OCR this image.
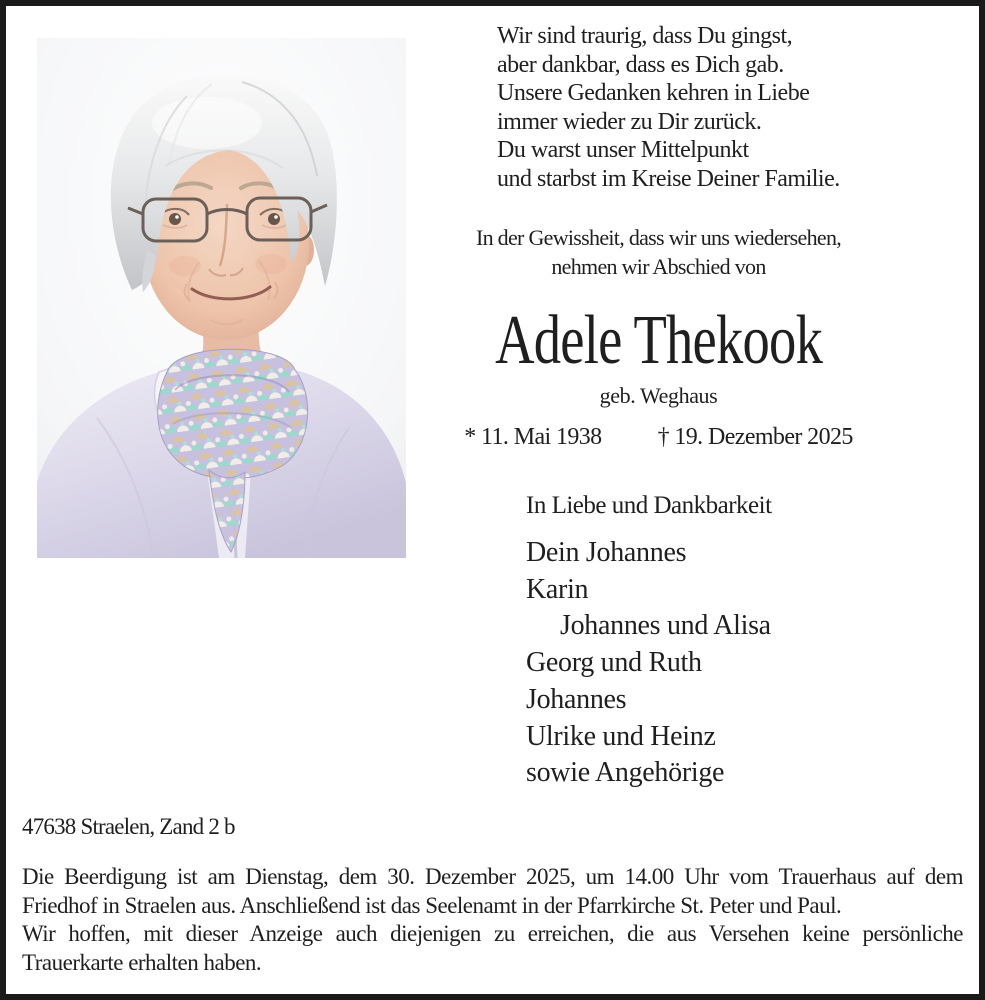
Wir sind traurig, dass Du gingst,
aber dankbar, dass es Dich gab.
Unsere Gedanken kehren in Liebe
immer wieder zu Dir zurück.
Du warst unser Mittelpunkt
und starbst im Kreise Deiner Familie.
In der Gewissheit, dass wir uns wiedersehen,
nehmen wir Abschied von
Adele Thekook
geb. Weghaus
* 11. Mai 1938 † 19. Dezember 2025
In Liebe und Dankbarkeit
Dein Johannes
Karin
Johannes und Alisa
Georg und Ruth
Johannes
Ulrike und Heinz
sowie Angehörige
47638 Straelen, Zand 2 b
Die Beerdigung ist am Dienstag, dem 30. Dezember 2025, um 14.00 Uhr vom Trauerhaus auf dem
Friedhof in Straelen aus. Anschließend ist das Seelenamt in der Pfarrkirche St. Peter und Paul.
Wir hoffen, mit dieser Anzeige auch diejenigen zu erreichen, die aus Versehen keine persönliche
Trauerkarte erhalten haben.
